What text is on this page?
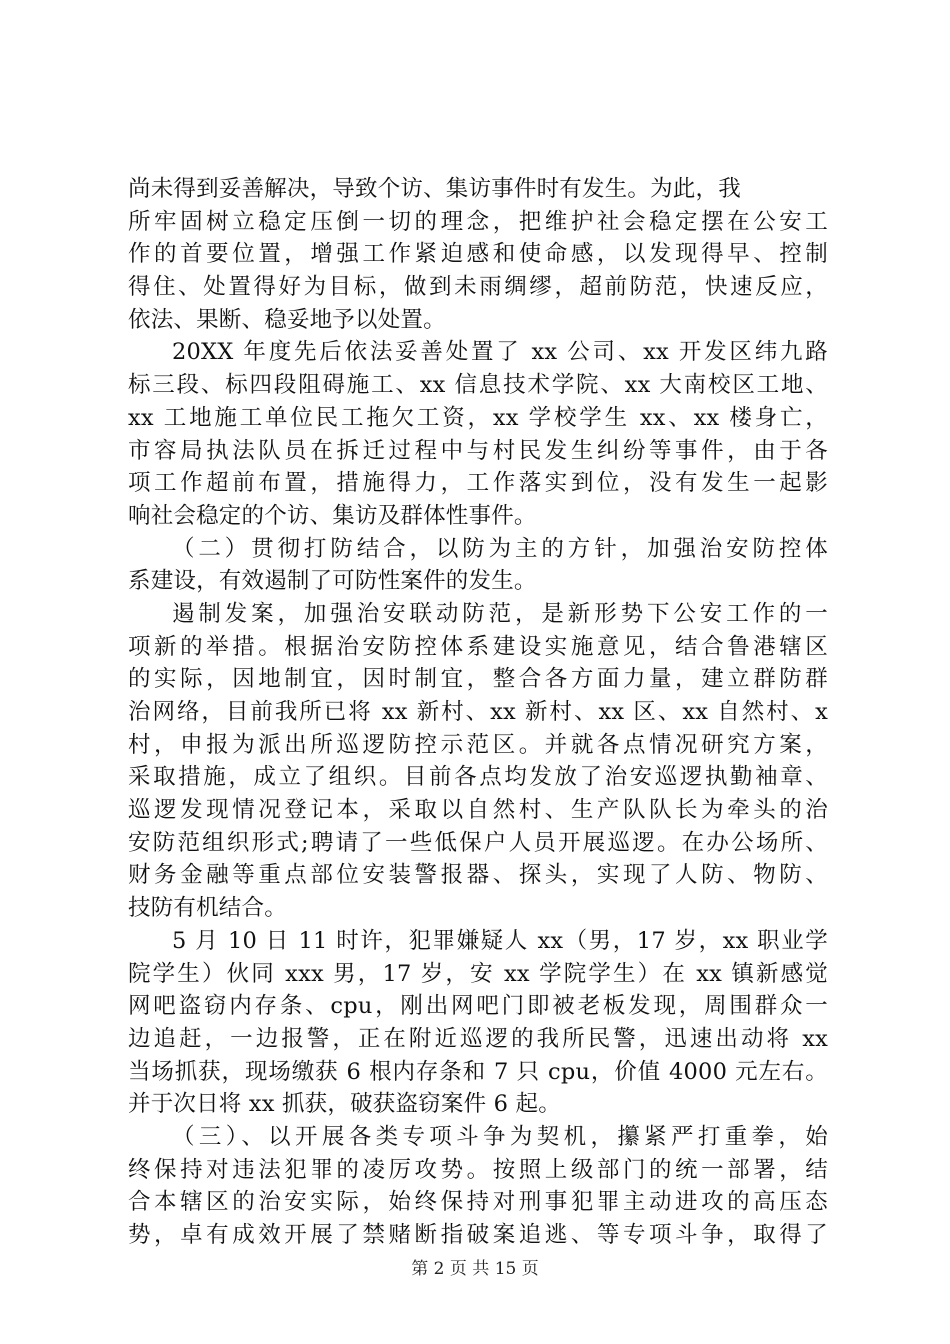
尚未得到妥善解决，导致个访、集访事件时有发生。为此，我
所牢固树立稳定压倒一切的理念，把维护社会稳定摆在公安工
作的首要位置，增强工作紧迫感和使命感，以发现得早、控制
得住、处置得好为目标，做到未雨绸缪，超前防范，快速反应，
依法、果断、稳妥地予以处置。
20XX 年度先后依法妥善处置了 xx 公司、xx 开发区纬九路
标三段、标四段阻碍施工、xx 信息技术学院、xx 大南校区工地、
xx 工地施工单位民工拖欠工资，xx 学校学生 xx、xx 楼身亡，
市容局执法队员在拆迁过程中与村民发生纠纷等事件，由于各
项工作超前布置，措施得力，工作落实到位，没有发生一起影
响社会稳定的个访、集访及群体性事件。
（二）贯彻打防结合，以防为主的方针，加强治安防控体
系建设，有效遏制了可防性案件的发生。
遏制发案，加强治安联动防范，是新形势下公安工作的一
项新的举措。根据治安防控体系建设实施意见，结合鲁港辖区
的实际，因地制宜，因时制宜，整合各方面力量，建立群防群
治网络，目前我所已将 xx 新村、xx 新村、xx 区、xx 自然村、x
村，申报为派出所巡逻防控示范区。并就各点情况研究方案，
采取措施，成立了组织。目前各点均发放了治安巡逻执勤袖章、
巡逻发现情况登记本，采取以自然村、生产队队长为牵头的治
安防范组织形式;聘请了一些低保户人员开展巡逻。在办公场所、
财务金融等重点部位安装警报器、探头，实现了人防、物防、
技防有机结合。
5 月 10 日 11 时许，犯罪嫌疑人 xx（男，17 岁，xx 职业学
院学生）伙同 xxx 男，17 岁，安 xx 学院学生）在 xx 镇新感觉
网吧盗窃内存条、cpu，刚出网吧门即被老板发现，周围群众一
边追赶，一边报警，正在附近巡逻的我所民警，迅速出动将 xx
当场抓获，现场缴获 6 根内存条和 7 只 cpu，价值 4000 元左右。
并于次日将 xx 抓获，破获盗窃案件 6 起。
（三）、以开展各类专项斗争为契机，攥紧严打重拳，始
终保持对违法犯罪的凌厉攻势。按照上级部门的统一部署，结
合本辖区的治安实际，始终保持对刑事犯罪主动进攻的高压态
势，卓有成效开展了禁赌断指破案追逃、等专项斗争，取得了
第 2 页 共 15 页
